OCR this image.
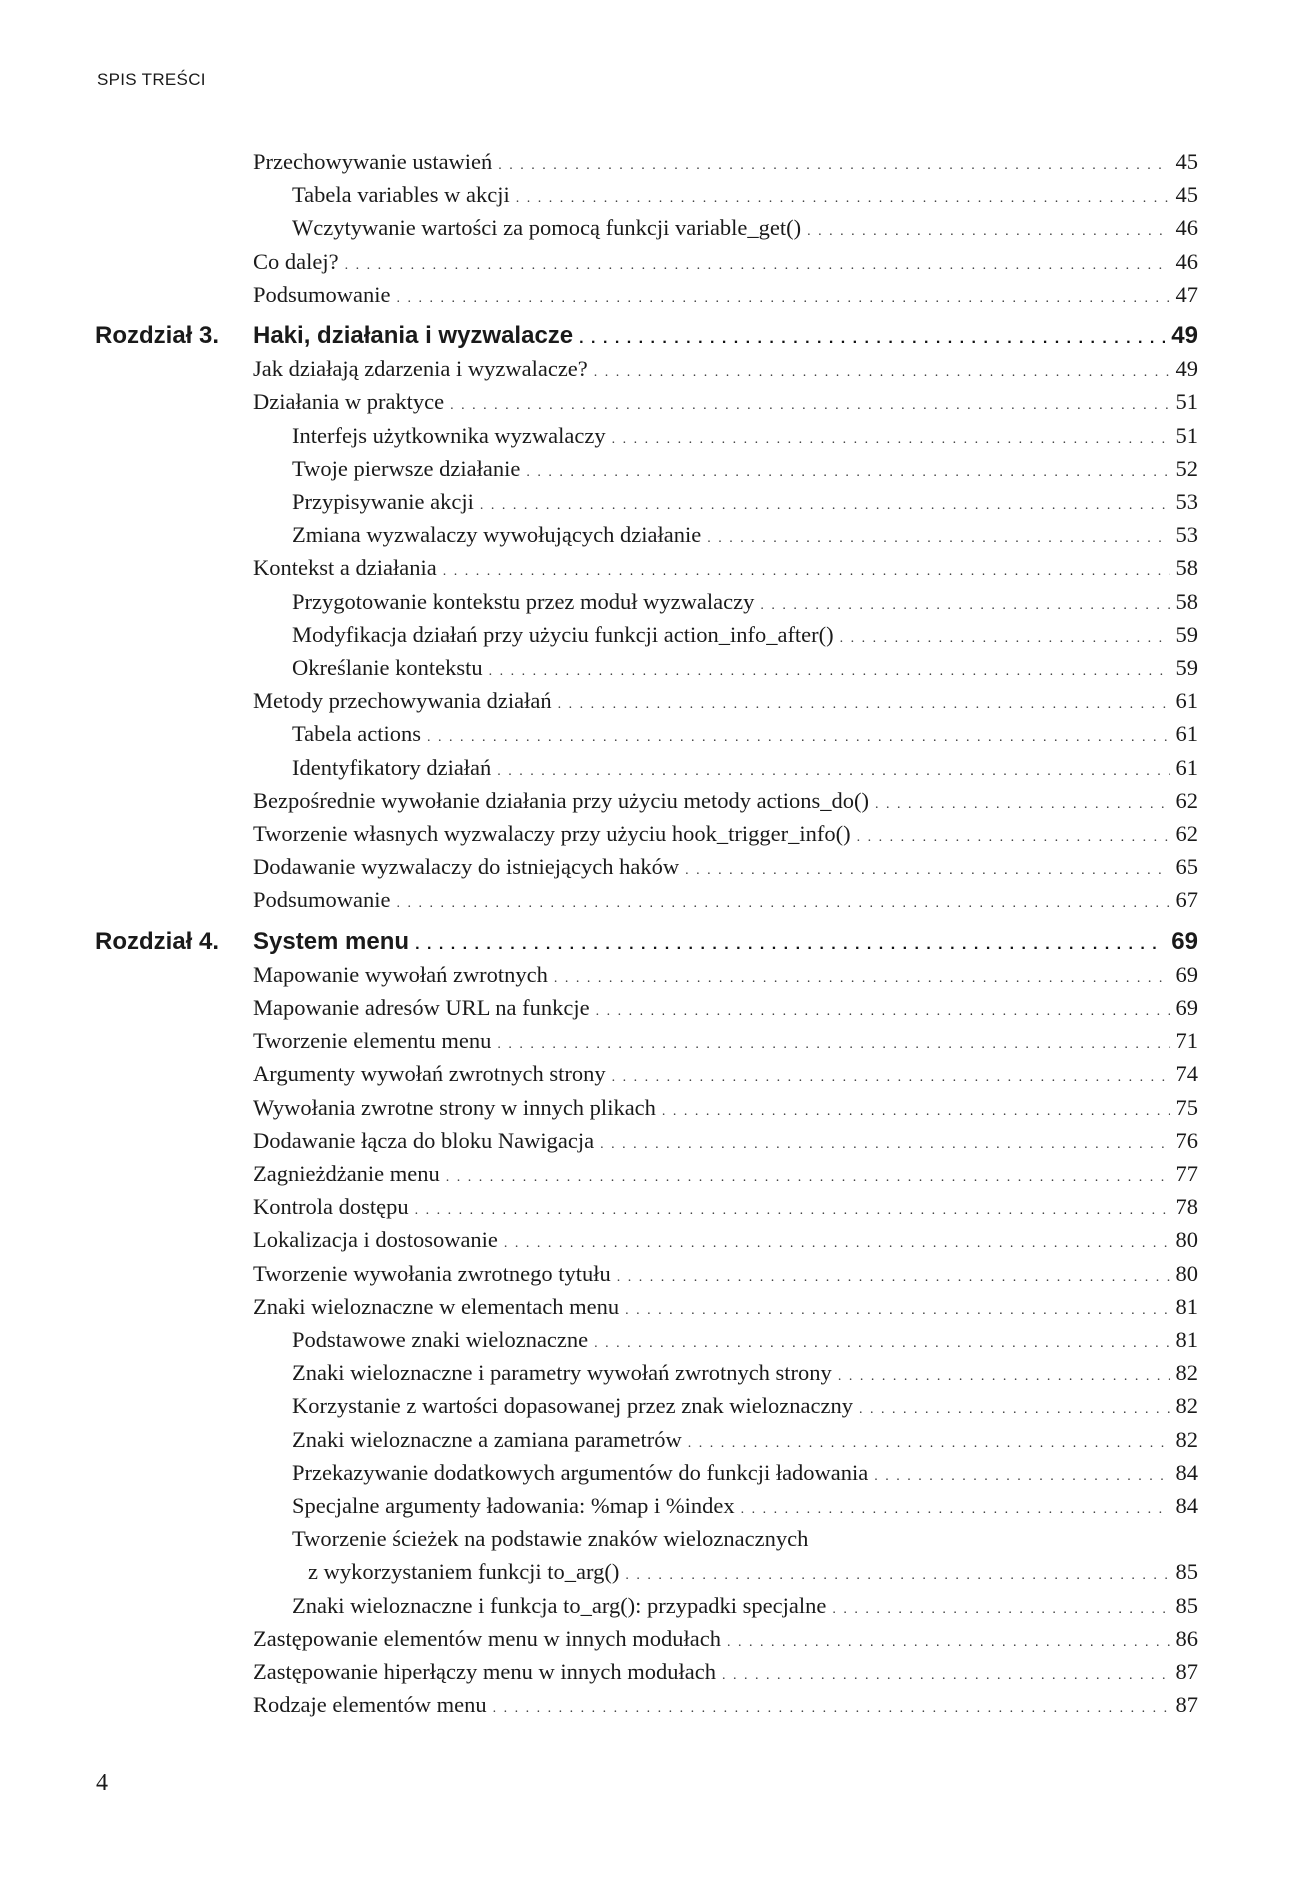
SPIS TREŚCI
Przechowywanie ustawień . . .	45
Tabela variables w akcji . . .	45
Wczytywanie wartości za pomocą funkcji variable_get() . . .	46
Co dalej? . . .	46
Podsumowanie . . .	47
Rozdział 3. Haki, działania i wyzwalacze . . .	49
Jak działają zdarzenia i wyzwalacze? . . .	49
Działania w praktyce . . .	51
Interfejs użytkownika wyzwalaczy . . .	51
Twoje pierwsze działanie . . .	52
Przypisywanie akcji . . .	53
Zmiana wyzwalaczy wywołujących działanie . . .	53
Kontekst a działania . . .	58
Przygotowanie kontekstu przez moduł wyzwalaczy . . .	58
Modyfikacja działań przy użyciu funkcji action_info_after() . . .	59
Określanie kontekstu . . .	59
Metody przechowywania działań . . .	61
Tabela actions . . .	61
Identyfikatory działań . . .	61
Bezpośrednie wywołanie działania przy użyciu metody actions_do() . . .	62
Tworzenie własnych wyzwalaczy przy użyciu hook_trigger_info() . . .	62
Dodawanie wyzwalaczy do istniejących haków . . .	65
Podsumowanie . . .	67
Rozdział 4. System menu . . .	69
Mapowanie wywołań zwrotnych . . .	69
Mapowanie adresów URL na funkcje . . .	69
Tworzenie elementu menu . . .	71
Argumenty wywołań zwrotnych strony . . .	74
Wywołania zwrotne strony w innych plikach . . .	75
Dodawanie łącza do bloku Nawigacja . . .	76
Zagnieżdżanie menu . . .	77
Kontrola dostępu . . .	78
Lokalizacja i dostosowanie . . .	80
Tworzenie wywołania zwrotnego tytułu . . .	80
Znaki wieloznaczne w elementach menu . . .	81
Podstawowe znaki wieloznaczne . . .	81
Znaki wieloznaczne i parametry wywołań zwrotnych strony . . .	82
Korzystanie z wartości dopasowanej przez znak wieloznaczny . . .	82
Znaki wieloznaczne a zamiana parametrów . . .	82
Przekazywanie dodatkowych argumentów do funkcji ładowania . . .	84
Specjalne argumenty ładowania: %map i %index . . .	84
Tworzenie ścieżek na podstawie znaków wieloznacznych
z wykorzystaniem funkcji to_arg() . . .	85
Znaki wieloznaczne i funkcja to_arg(): przypadki specjalne . . .	85
Zastępowanie elementów menu w innych modułach . . .	86
Zastępowanie hiperłączy menu w innych modułach . . .	87
Rodzaje elementów menu . . .	87
4
